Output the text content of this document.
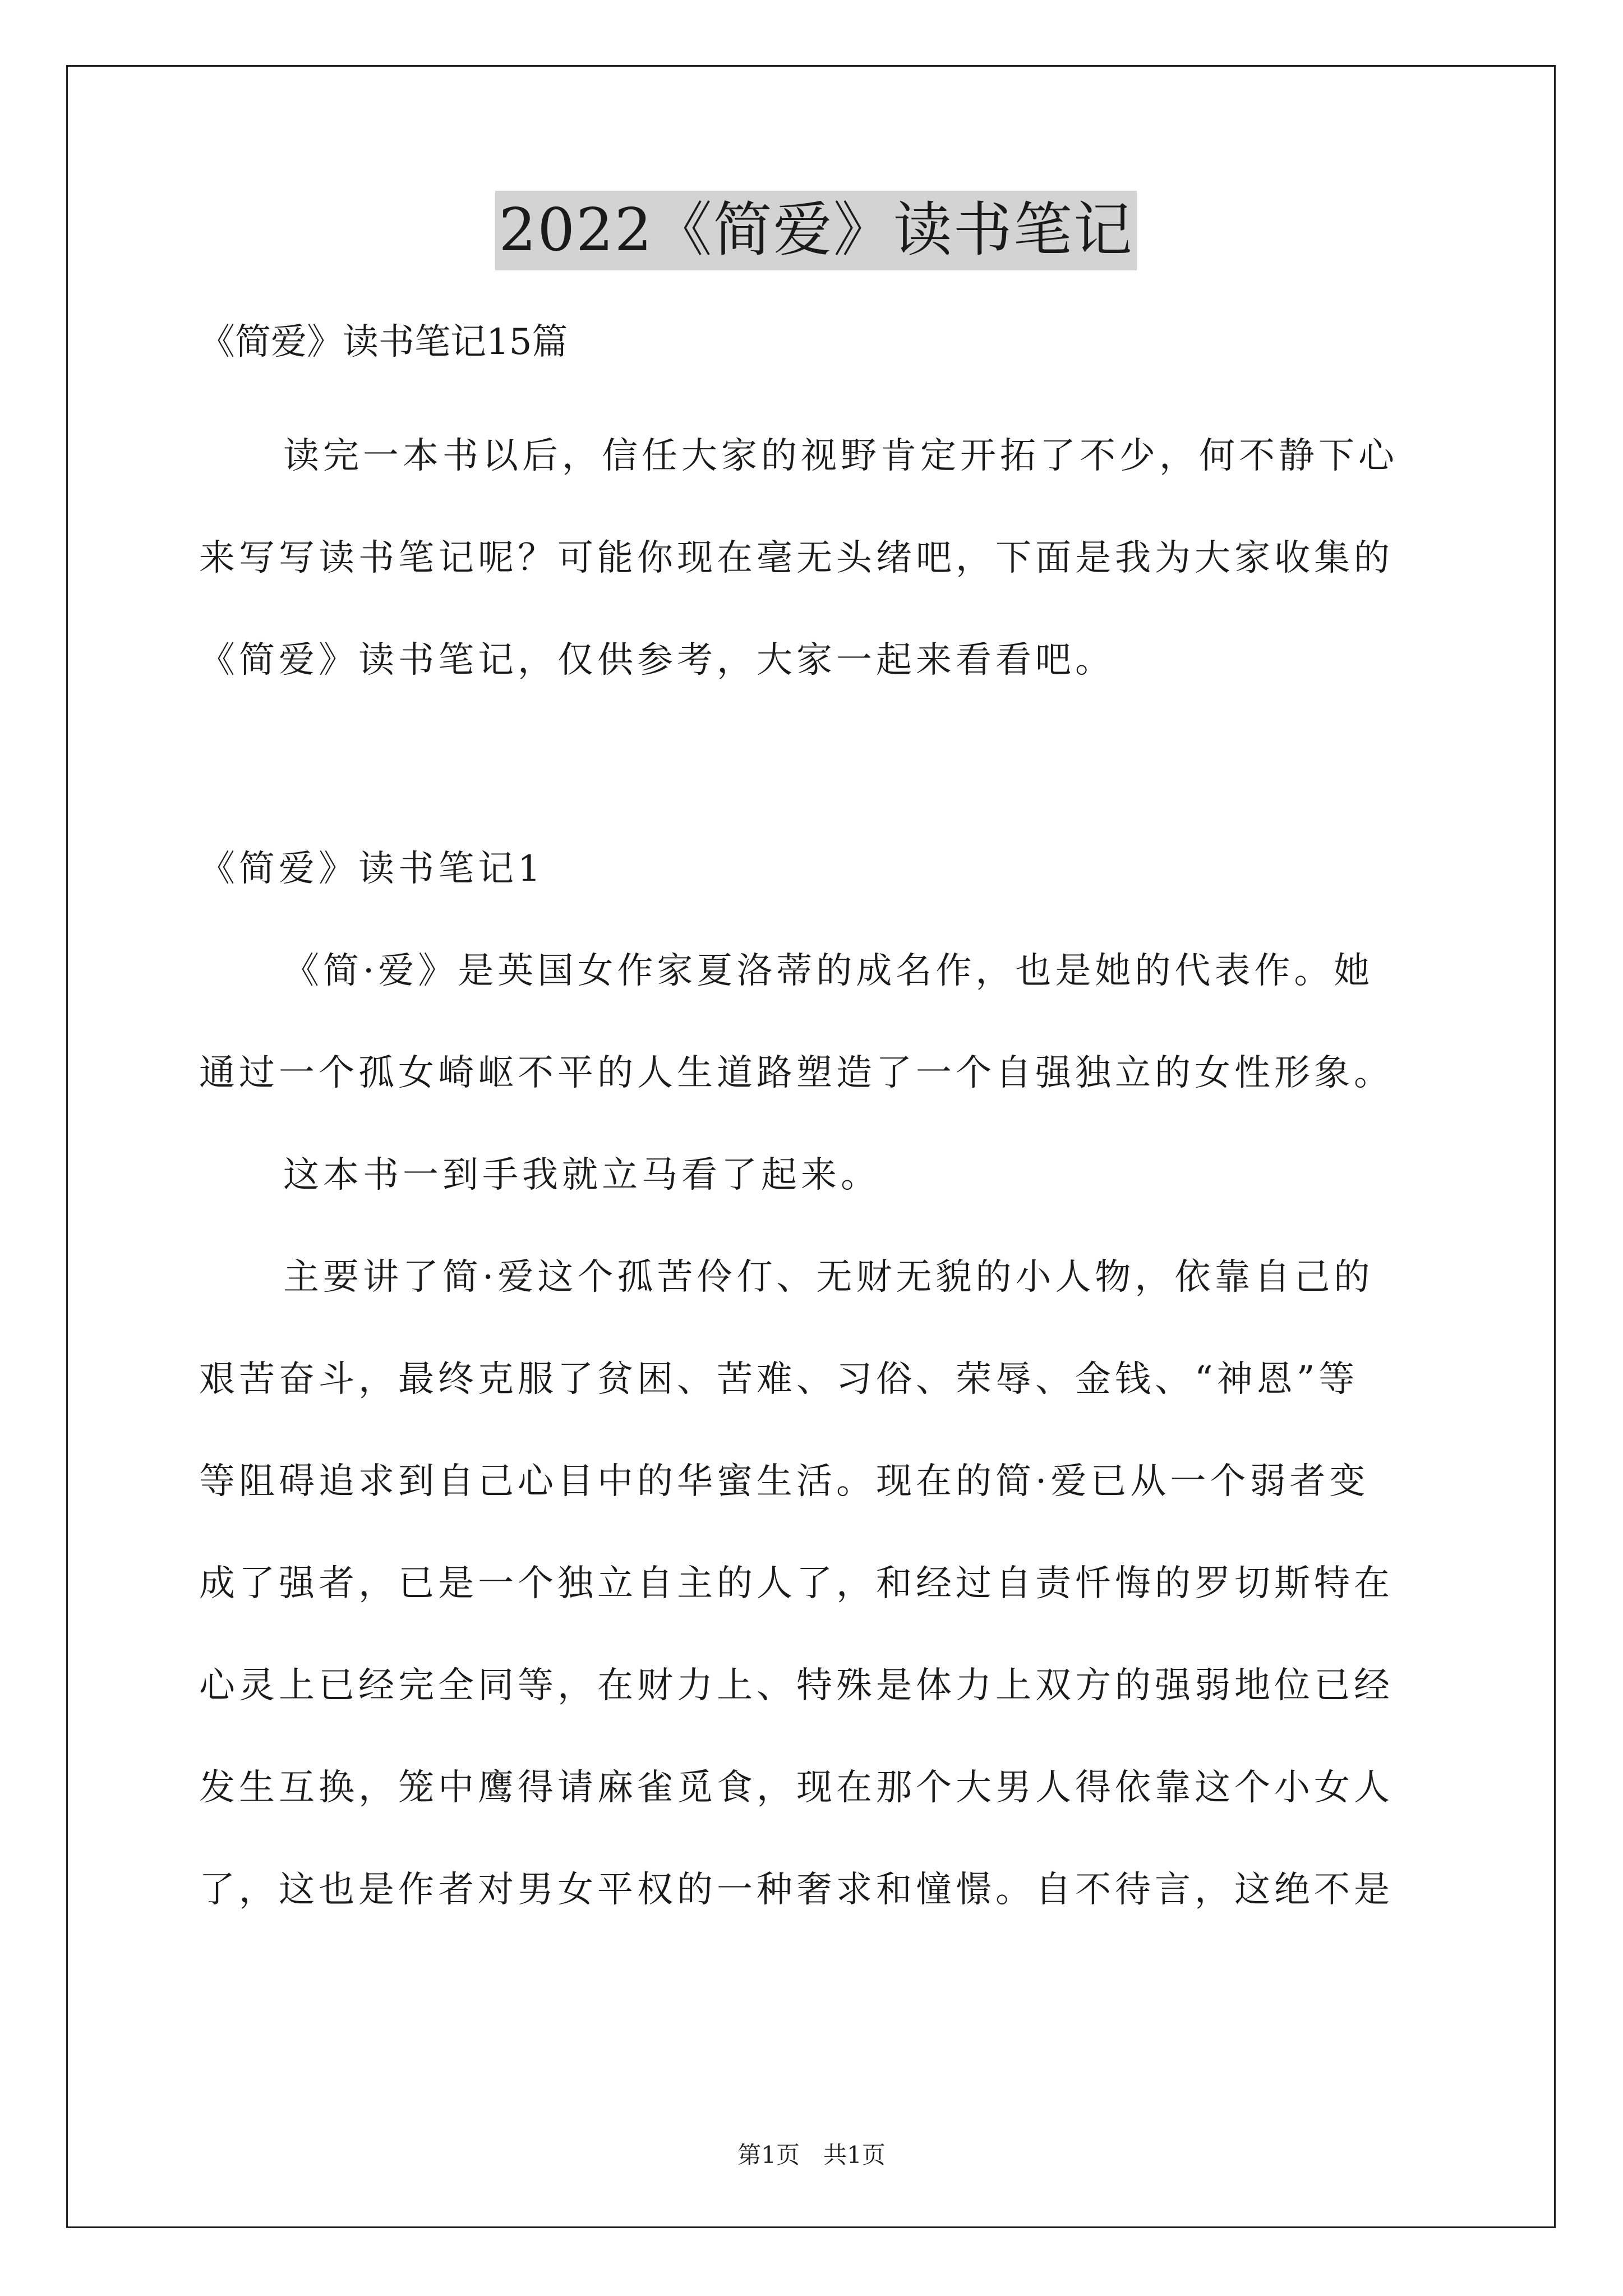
2022《简爱》读书笔记
《简爱》读书笔记15篇
读完一本书以后，信任大家的视野肯定开拓了不少，何不静下心
来写写读书笔记呢？可能你现在毫无头绪吧，下面是我为大家收集的
《简爱》读书笔记，仅供参考，大家一起来看看吧。
《简爱》读书笔记1
《简·爱》是英国女作家夏洛蒂的成名作，也是她的代表作。她
通过一个孤女崎岖不平的人生道路塑造了一个自强独立的女性形象。
这本书一到手我就立马看了起来。
主要讲了简·爱这个孤苦伶仃、无财无貌的小人物，依靠自己的
艰苦奋斗，最终克服了贫困、苦难、习俗、荣辱、金钱、“神恩”等
等阻碍追求到自己心目中的华蜜生活。现在的简·爱已从一个弱者变
成了强者，已是一个独立自主的人了，和经过自责忏悔的罗切斯特在
心灵上已经完全同等，在财力上、特殊是体力上双方的强弱地位已经
发生互换，笼中鹰得请麻雀觅食，现在那个大男人得依靠这个小女人
了，这也是作者对男女平权的一种奢求和憧憬。自不待言，这绝不是
第1页　共1页
